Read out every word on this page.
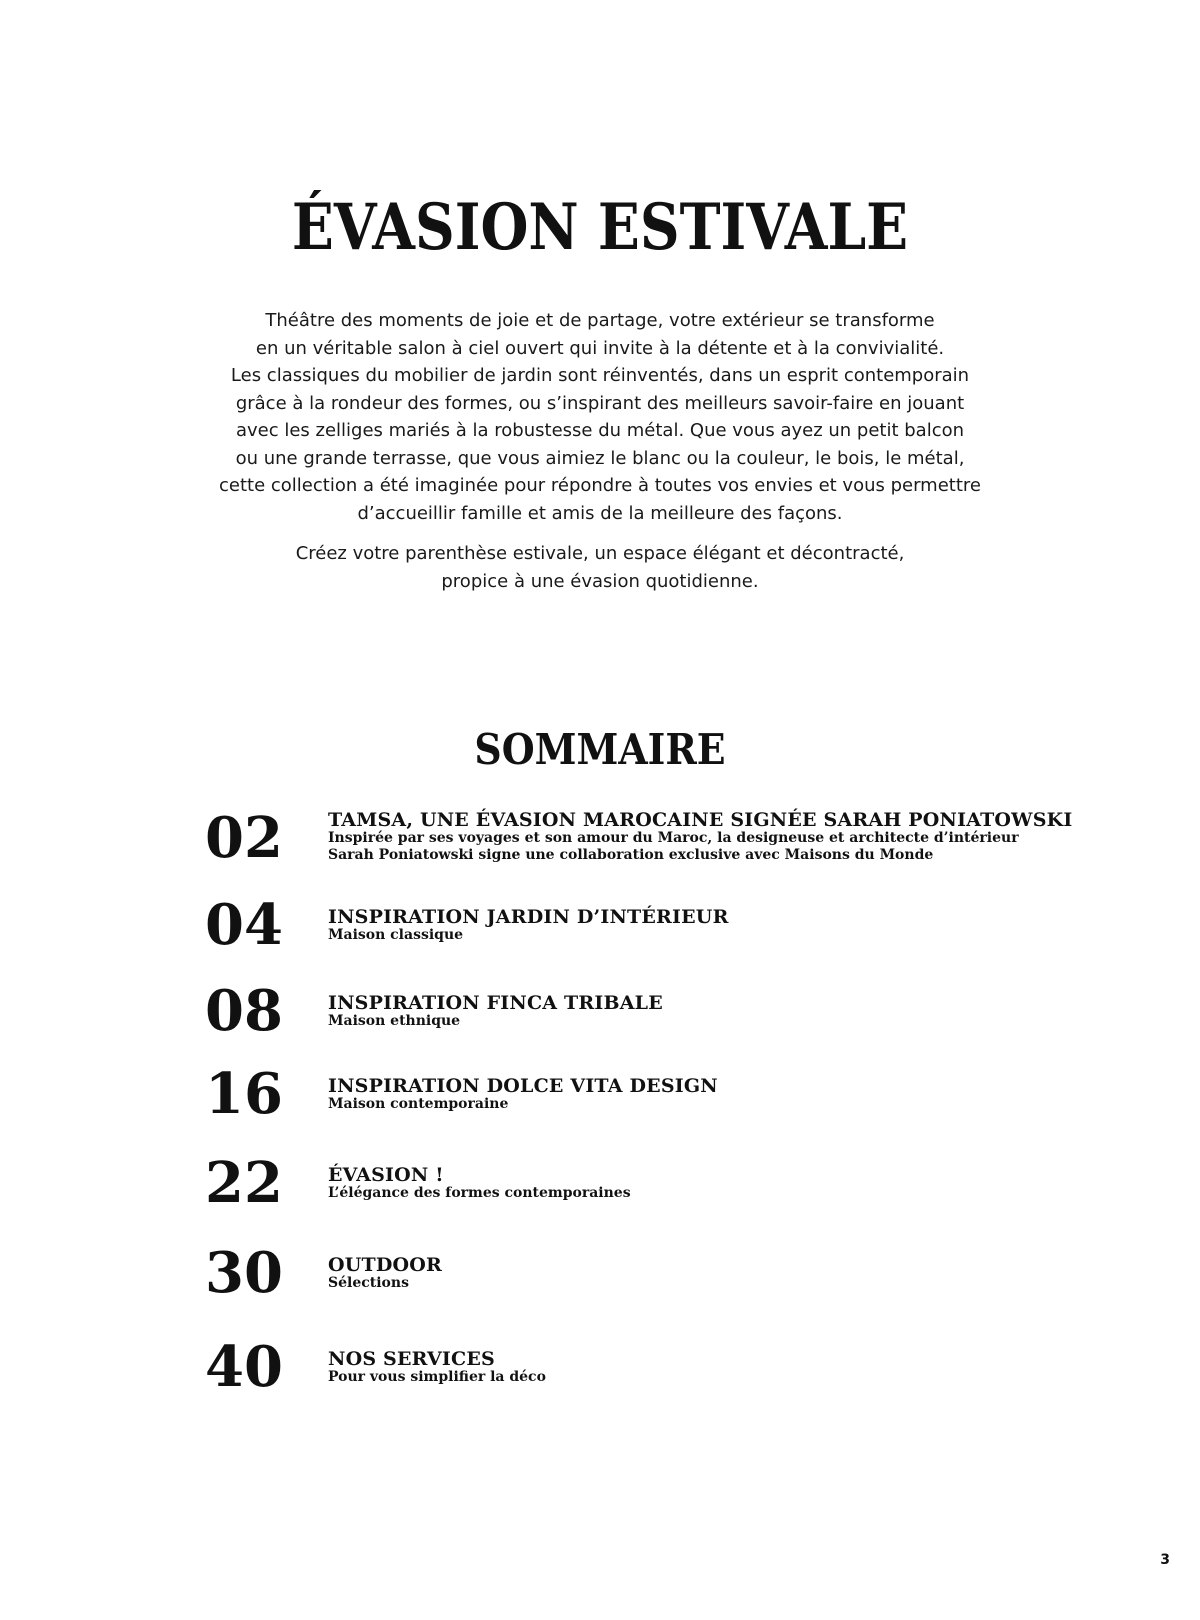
ÉVASION ESTIVALE

Théâtre des moments de joie et de partage, votre extérieur se transforme
en un véritable salon à ciel ouvert qui invite à la détente et à la convivialité.
Les classiques du mobilier de jardin sont réinventés, dans un esprit contemporain
grâce à la rondeur des formes, ou s’inspirant des meilleurs savoir-faire en jouant
avec les zelliges mariés à la robustesse du métal. Que vous ayez un petit balcon
ou une grande terrasse, que vous aimiez le blanc ou la couleur, le bois, le métal,
cette collection a été imaginée pour répondre à toutes vos envies et vous permettre
d’accueillir famille et amis de la meilleure des façons.

Créez votre parenthèse estivale, un espace élégant et décontracté,
propice à une évasion quotidienne.

SOMMAIRE
02 TAMSA, UNE ÉVASION MAROCAINE SIGNÉE SARAH PONIATOWSKI
Inspirée par ses voyages et son amour du Maroc, la designeuse et architecte d’intérieur
Sarah Poniatowski signe une collaboration exclusive avec Maisons du Monde
04 INSPIRATION JARDIN D’INTÉRIEUR
Maison classique
08 INSPIRATION FINCA TRIBALE
Maison ethnique
16 INSPIRATION DOLCE VITA DESIGN
Maison contemporaine
22 ÉVASION !
L’élégance des formes contemporaines
30 OUTDOOR
Sélections
40 NOS SERVICES
Pour vous simplifier la déco
3
